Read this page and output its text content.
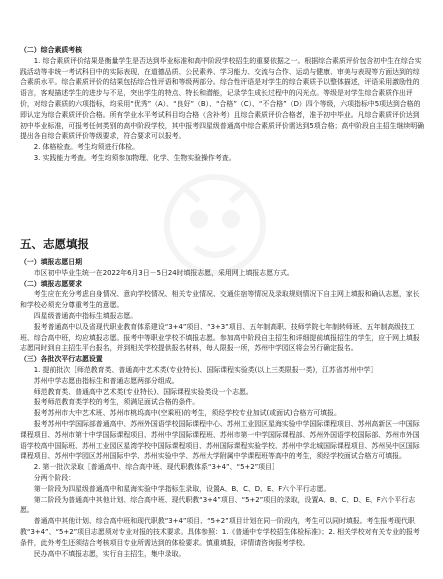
（二）综合素质考核

1. 综合素质评价结果是衡量学生是否达到毕业标准和高中阶段学校招生的重要依据之一。根据综合素质评价包含初中生在综合实践活动等非统一考试科目中的实际表现，在道德品质、公民素养、学习能力、交流与合作、运动与健康、审美与表现等方面达到的综合素质水平。综合素质评价的结果包括综合性评语和等级两部分。综合性评语是对学生的综合素质予以整体描述，评语采用激励性的语言，客观描述学生的进步与不足，突出学生的特点、特长和潜能，记录学生成长过程中的闪光点。等级是对学生综合素质作出评价，对综合素质的六项指标，均采用“优秀”（A）、“良好”（B）、“合格”（C）、“不合格”（D）四个等级，六项指标中5项达到合格的即认定为综合素质评价合格。所有学业水平考试科目均合格（含补考）且综合素质评价合格者，准予初中毕业。凡综合素质评价达到初中毕业标准，可报考任何类别的高中阶段学校，其中报考四星级普通高中综合素质评价需达到5项合格；高中阶段自主招生继续明确提出各自综合素质评价等级要求，符合要求可以报考。

2. 体格检查。考生均须进行体检。

3. 实践能力考查。考生均须参加物理、化学、生物实验操作考查。

五、志愿填报

（一）填报志愿日期

市区初中毕业生统一在2022年6月3日－5日24时填报志愿，采用网上填报志愿方式。

（二）填报志愿要求

考生应在充分考虑自身情况、意向学校情况、相关专业情况、交通住宿等情况及录取规则情况下自主网上填报和确认志愿，家长和学校必须充分尊重考生的意愿。

四星级普通高中指标生填报志愿。

报考普通高中以及省现代职业教育体系建设“3+4”项目、“3+3”项目、五年制高职、技师学院七年制转师班、五年制高级技工班、综合高中班，均应填报志愿。报考中等职业学校不填报志愿。参加高中阶段自主招生和详细提前填报招生的学生，应于网上填报志愿同时到自主招生平台报名，并到相关学校提供报名材料，每人限报一所，苏州中学园区将会另行确定报名。

（三）各批次平行志愿设置

1. 提前批次［师范教育类、普通高中艺术类(专业特长)、国际课程实验类(以上三类限报一类)，江苏省苏州中学］

苏州中学志愿由指标生和普通志愿两部分组成。

师范教育类、普通高中艺术类(专业特长)、国际课程实验类设一个志愿。

报考师范教育类学校的考生，须满足面试合格的条件。

报考苏州市大中艺术班、苏州市桃坞高中(空乘班)的考生，须经学校专业加试(或面试)合格方可填报。

报考苏州中学国际部普通高中、苏州外国语学校国际课程中心、苏州工业园区星海实验中学国际课程项目、苏州高新区一中国际课程项目、苏州市第十中学国际课程项目、苏州中学国际课程班、苏州市第一中学国际课程部、苏州外国语学校国际部、苏州市外国语学校高中国际班、苏州工业园区星湾学校中国际课程项目、苏州国际课程实验学校、苏州中学北城国际课程项目、苏州吴中区国际课程项目、苏州中学园区苏州国际中学、苏州实验中学、苏州大学附属中学课程班等高中的考生，须经学校面试合格方可填报。

2. 第一批次录取［普通高中、综合高中班、现代职教体系“3+4”、“5+2”项目］

分两个阶段：

第一阶段为四星级普通高中和星海实验中学指标生录取，设置A、B、C、D、E、F六个平行志愿。

第二阶段为普通高中其他计划、综合高中班、现代职教“3+4”项目、“5+2”项目的录取，设置A、B、C、D、E、F六个平行志愿。

普通高中其他计划、综合高中班和现代职教“3+4”项目、“5+2”项目计划在同一阶段内，考生可以同时填报。考生报考现代职教“3+4”、“5+2”项目志愿须对专业对报的技术要求。具体参照：1.《普通中专学校招生体检标准》；2. 相关学校对有关专业的报考条件，此外考生还须结合考核项目专业所需达到的体检要求。慎重填报，详情请咨询报考学校。

民办高中不填报志愿，实行自主招生，集中录取。
